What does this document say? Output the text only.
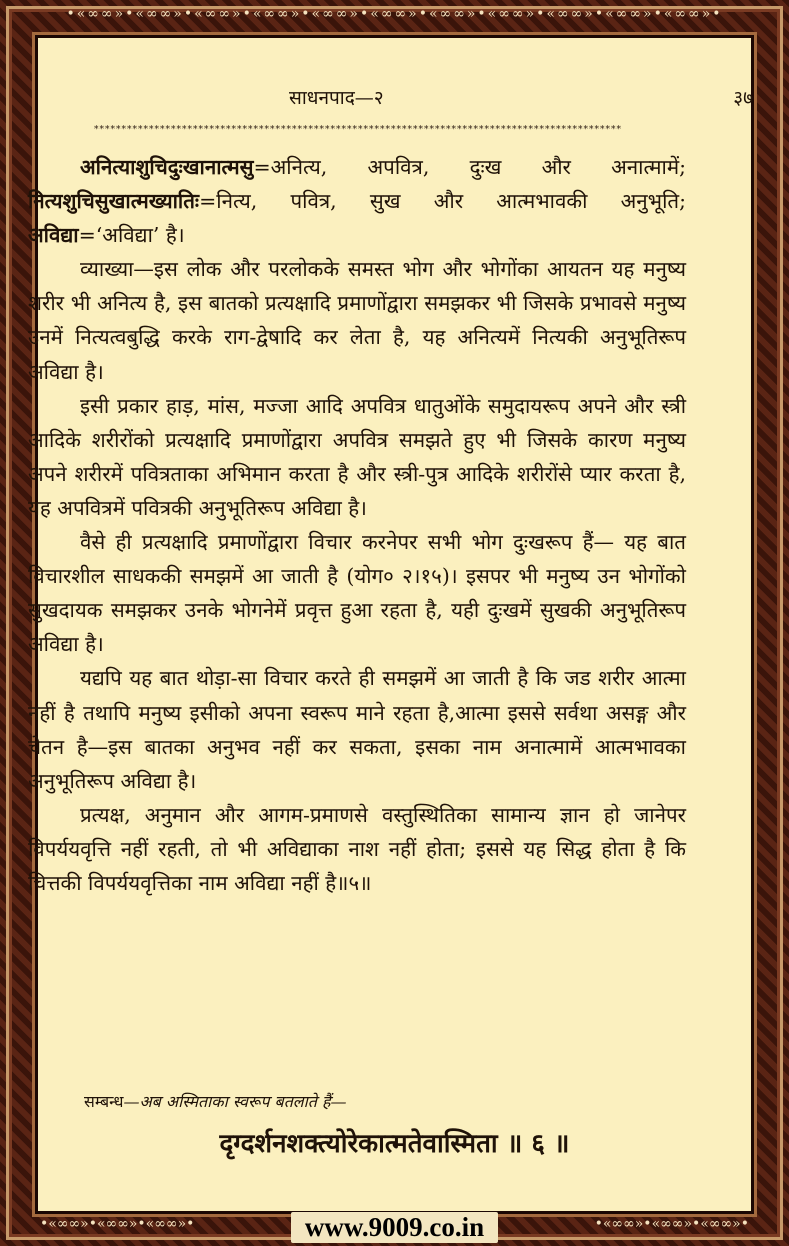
•«∞∞»•«∞∞»•«∞∞»•«∞∞»•«∞∞»•«∞∞»•«∞∞»•«∞∞»•«∞∞»•«∞∞»•«∞∞»•
साधनपाद—२	३७
************************************************************************************************

अनित्याशुचिदुःखानात्मसु=अनित्य, अपवित्र, दुःख और अनात्मामें; नित्यशुचिसुखात्मख्यातिः=नित्य, पवित्र, सुख और आत्मभावकी अनुभूति; अविद्या=‘अविद्या’ है।

व्याख्या—इस लोक और परलोकके समस्त भोग और भोगोंका आयतन यह मनुष्य शरीर भी अनित्य है, इस बातको प्रत्यक्षादि प्रमाणोंद्वारा समझकर भी जिसके प्रभावसे मनुष्य उनमें नित्यत्वबुद्धि करके राग-द्वेषादि कर लेता है, यह अनित्यमें नित्यकी अनुभूतिरूप अविद्या है।

इसी प्रकार हाड़, मांस, मज्जा आदि अपवित्र धातुओंके समुदायरूप अपने और स्त्री आदिके शरीरोंको प्रत्यक्षादि प्रमाणोंद्वारा अपवित्र समझते हुए भी जिसके कारण मनुष्य अपने शरीरमें पवित्रताका अभिमान करता है और स्त्री-पुत्र आदिके शरीरोंसे प्यार करता है, यह अपवित्रमें पवित्रकी अनुभूतिरूप अविद्या है।

वैसे ही प्रत्यक्षादि प्रमाणोंद्वारा विचार करनेपर सभी भोग दुःखरूप हैं— यह बात विचारशील साधककी समझमें आ जाती है (योग० २।१५)। इसपर भी मनुष्य उन भोगोंको सुखदायक समझकर उनके भोगनेमें प्रवृत्त हुआ रहता है, यही दुःखमें सुखकी अनुभूतिरूप अविद्या है।

यद्यपि यह बात थोड़ा-सा विचार करते ही समझमें आ जाती है कि जड शरीर आत्मा नहीं है तथापि मनुष्य इसीको अपना स्वरूप माने रहता है,आत्मा इससे सर्वथा असङ्ग और चेतन है—इस बातका अनुभव नहीं कर सकता, इसका नाम अनात्मामें आत्मभावका अनुभूतिरूप अविद्या है।

प्रत्यक्ष, अनुमान और आगम-प्रमाणसे वस्तुस्थितिका सामान्य ज्ञान हो जानेपर विपर्ययवृत्ति नहीं रहती, तो भी अविद्याका नाश नहीं होता; इससे यह सिद्ध होता है कि चित्तकी विपर्ययवृत्तिका नाम अविद्या नहीं है॥५॥

सम्बन्ध—अब अस्मिताका स्वरूप बतलाते हैं—
दृग्दर्शनशक्त्योरेकात्मतेवास्मिता ॥ ६ ॥
•«∞∞»•«∞∞»•«∞∞»•	•«∞∞»•«∞∞»•«∞∞»•
www.9009.co.in
